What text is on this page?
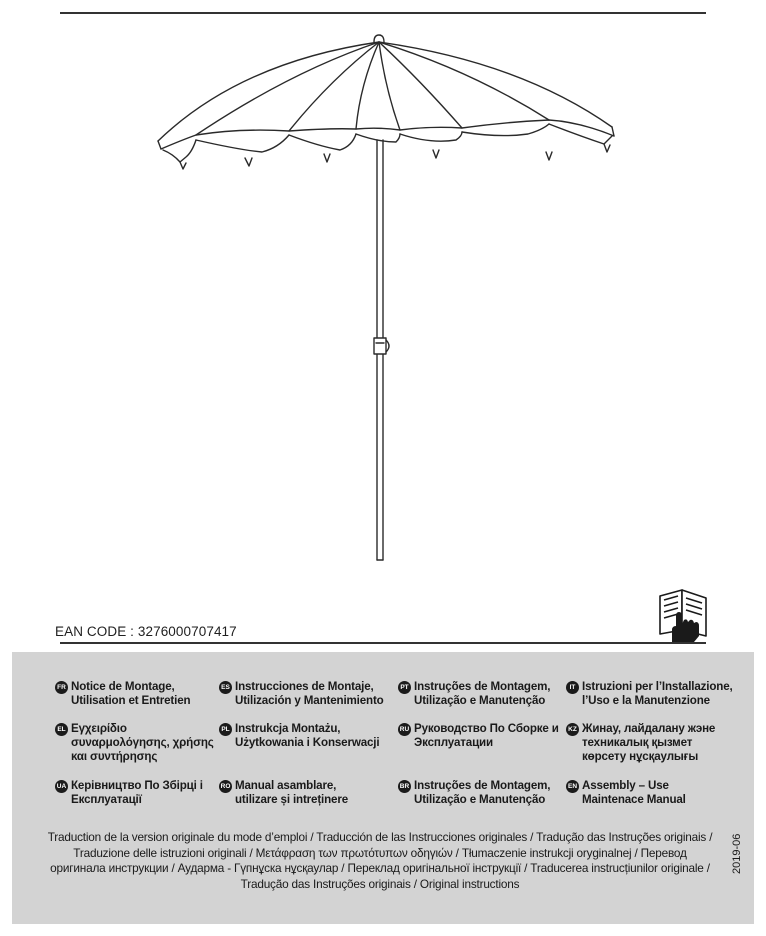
EAN CODE : 3276000707417
FR Notice de Montage,
Utilisation et Entretien
ES Instrucciones de Montaje,
Utilización y Mantenimiento
PT Instruções de Montagem,
Utilização e Manutenção
IT Istruzioni per l’Installazione,
l’Uso e la Manutenzione
EL Εγχειρίδιο
συναρμολόγησης, χρήσης
και συντήρησης
PL Instrukcja Montażu,
Użytkowania i Konserwacji
RU Руководство По Сборке и
Эксплуатации
KZ Жинау, лайдалану жэне
техникалық қызмет
көрсету нұсқаулығы
UA Керівництво По Збірці і
Експлуатації
RO Manual asamblare,
utilizare și intreținere
BR Instruções de Montagem,
Utilização e Manutenção
EN Assembly – Use
Maintenace Manual
Traduction de la version originale du mode d’emploi / Traducción de las Instrucciones originales / Tradução das Instruções originais / Traduzione delle istruzioni originali / Μετάφραση των πρωτότυπων οδηγιών / Tłumaczenie instrukcji oryginalnej / Перевод оригинала инструкции / Аударма - Гүпнұска нұсқаулар / Переклад оригінальної інструкції / Traducerea instrucțiunilor originale / Tradução das Instruções originais / Original instructions
2019-06
